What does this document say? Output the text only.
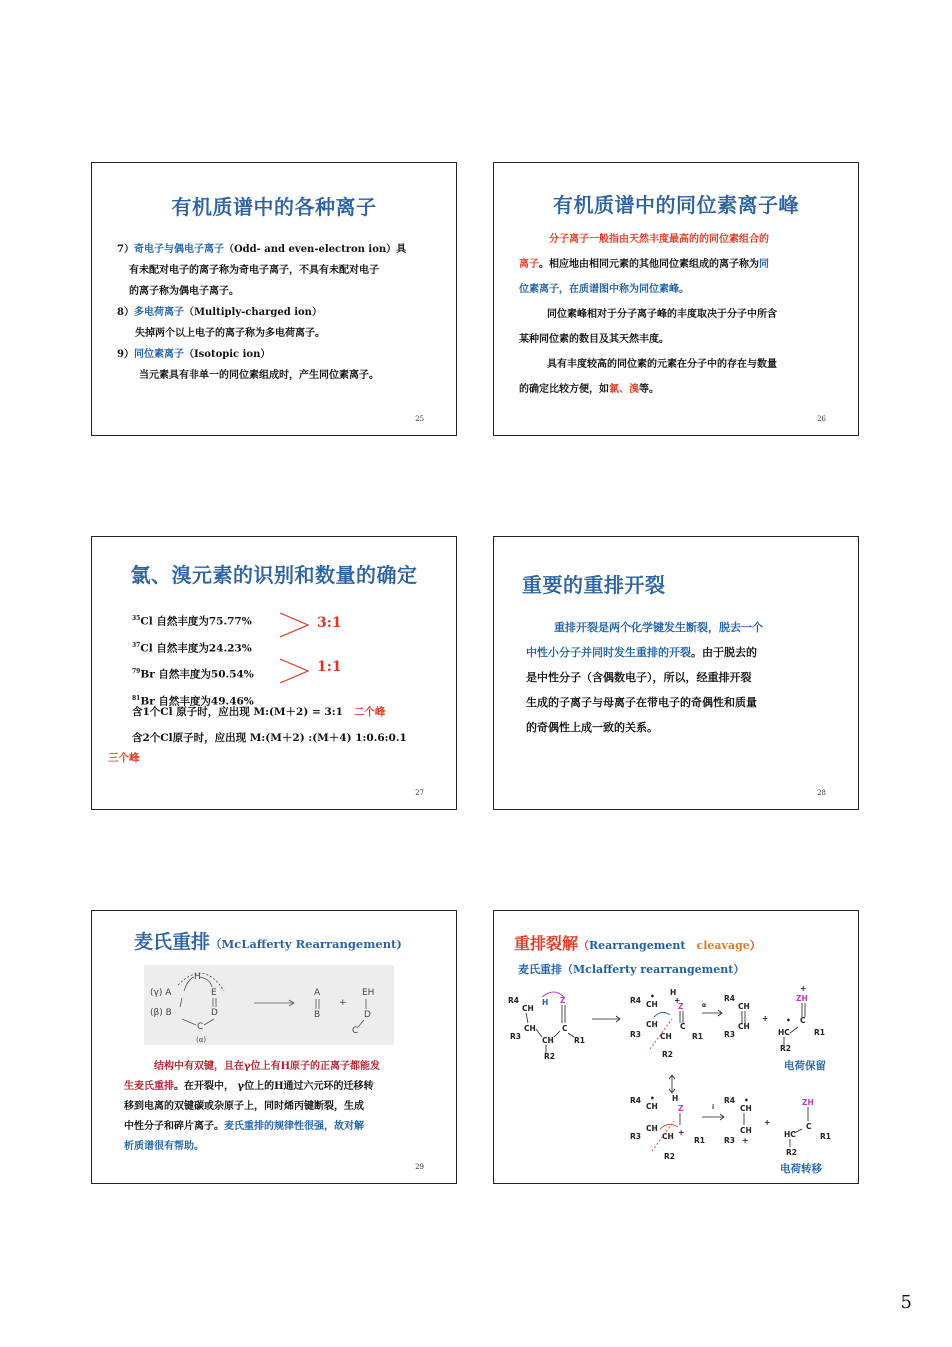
有机质谱中的各种离子
7）奇电子与偶电子离子（Odd- and even-electron ion）具
有未配对电子的离子称为奇电子离子，不具有未配对电子
的离子称为偶电子离子。
8）多电荷离子（Multiply-charged ion）
失掉两个以上电子的离子称为多电荷离子。
9）同位素离子（Isotopic ion）
当元素具有非单一的同位素组成时，产生同位素离子。
25
有机质谱中的同位素离子峰
分子离子一般指由天然丰度最高的的同位素组合的
离子。相应地由相同元素的其他同位素组成的离子称为同
位素离子，在质谱图中称为同位素峰。
同位素峰相对于分子离子峰的丰度取决于分子中所含
某种同位素的数目及其天然丰度。
具有丰度较高的同位素的元素在分子中的存在与数量
的确定比较方便，如氯、溴等。
26
氯、溴元素的识别和数量的确定
$^{35}$Cl 自然丰度为75.77%
$^{37}$Cl 自然丰度为24.23%
$^{79}$Br 自然丰度为50.54%
$^{81}$Br 自然丰度为49.46%
3:1
1:1
含1个Cl 原子时，应出现 M:(M＋2) = 3:1 二个峰
含2个Cl原子时，应出现 M:(M＋2) :(M＋4) 1:0.6:0.1
三个峰
27
重要的重排开裂
重排开裂是两个化学键发生断裂，脱去一个
中性小分子并同时发生重排的开裂。由于脱去的
是中性分子（含偶数电子），所以，经重排开裂
生成的子离子与母离子在带电子的奇偶性和质量
的奇偶性上成一致的关系。
28
麦氏重排（McLafferty Rearrangement)
(γ) A
(β) B
H
E
D
C
(α)
A
B
+
EH
D
C
结构中有双键，且在γ位上有H原子的正离子都能发
生麦氏重排。在开裂中， γ位上的H通过六元环的迁移转
移到电离的双键碳或杂原子上，同时烯丙键断裂，生成
中性分子和碎片离子。麦氏重排的规律性很强，故对解
析质谱很有帮助。
29
重排裂解（Rearrangement cleavage）
麦氏重排（Mclafferty rearrangement）
R4
CH
H Z
CH
R3	CH
C
R1
R2
R4 CH
• H
+
Z
CH
R3	CH
C
R1
R2
α
R4
CH
CH
R3
+
+
ZH
• C
HC	R1
R2
R4
CH
• H
Z
CH
R3	CH +
R1
R2
i
R4
CH
•
CH
R3 +
+
ZH
C
HC	R1
R2
电荷保留
电荷转移
5
